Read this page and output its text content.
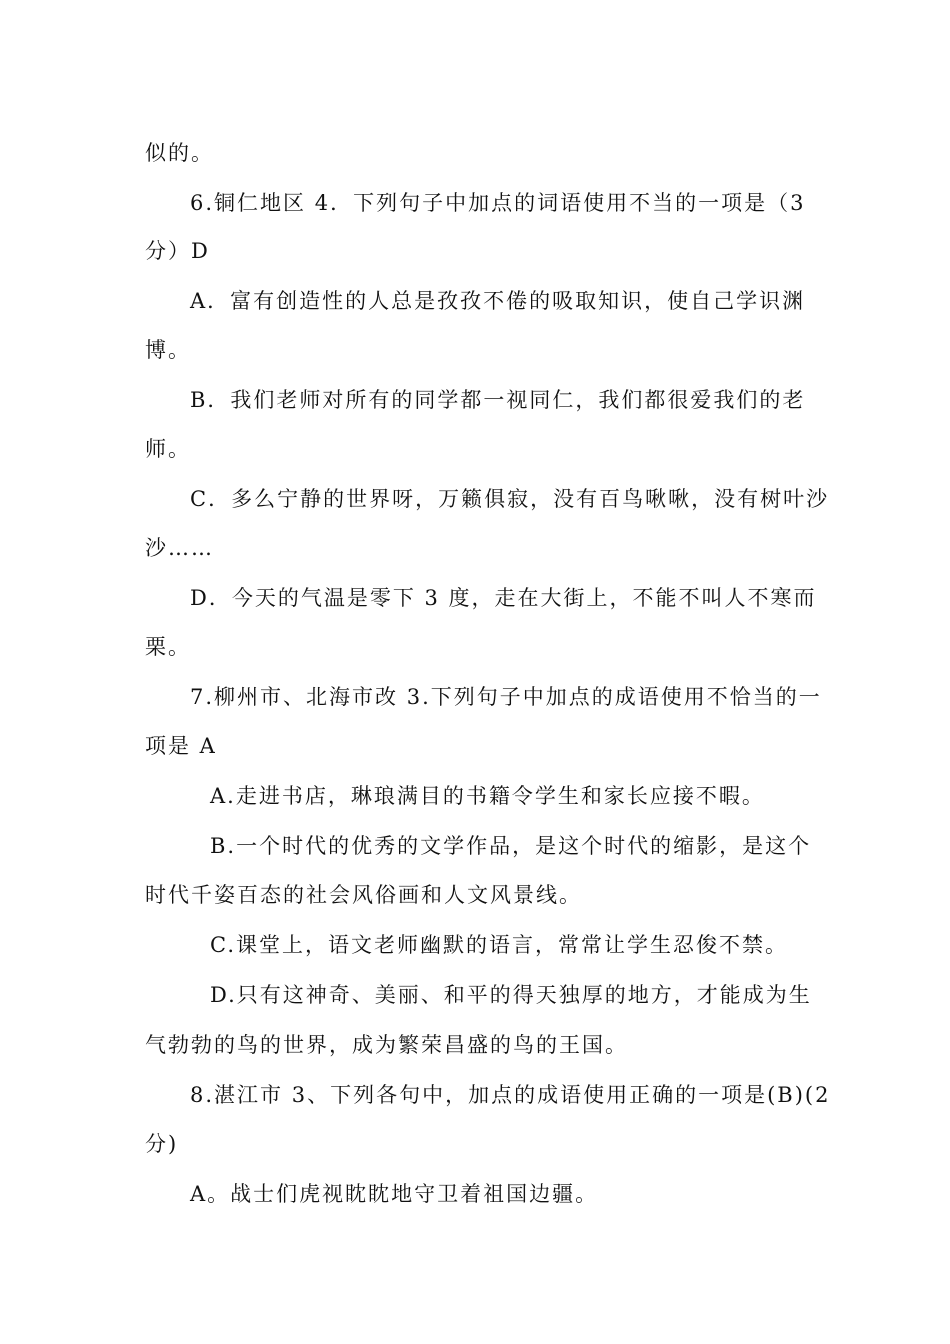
似的。
6.铜仁地区 4．下列句子中加点的词语使用不当的一项是（3
分）D
A．富有创造性的人总是孜孜不倦的吸取知识，使自己学识渊
博。
B．我们老师对所有的同学都一视同仁，我们都很爱我们的老
师。
C．多么宁静的世界呀，万籁俱寂，没有百鸟啾啾，没有树叶沙
沙……
D．今天的气温是零下 3 度，走在大街上，不能不叫人不寒而
栗。
7.柳州市、北海市改 3.下列句子中加点的成语使用不恰当的一
项是 A
A.走进书店，琳琅满目的书籍令学生和家长应接不暇。
B.一个时代的优秀的文学作品，是这个时代的缩影，是这个
时代千姿百态的社会风俗画和人文风景线。
C.课堂上，语文老师幽默的语言，常常让学生忍俊不禁。
D.只有这神奇、美丽、和平的得天独厚的地方，才能成为生
气勃勃的鸟的世界，成为繁荣昌盛的鸟的王国。
8.湛江市 3、下列各句中，加点的成语使用正确的一项是(B)(2
分)
A。战士们虎视眈眈地守卫着祖国边疆。
